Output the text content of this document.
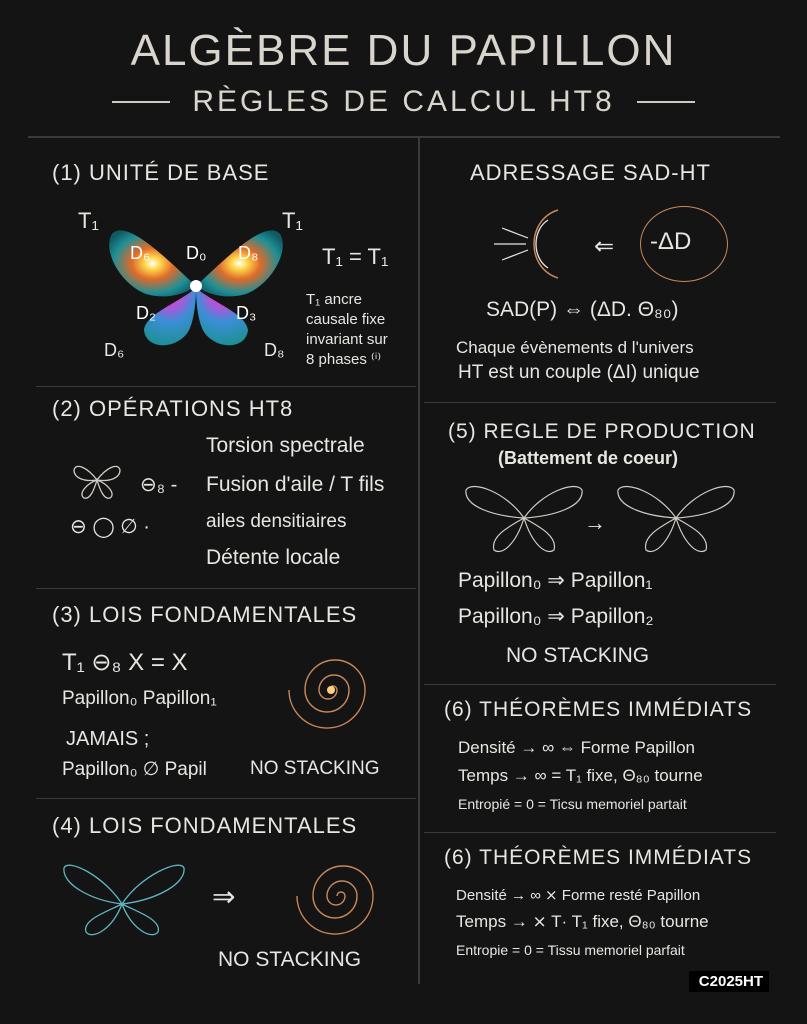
ALGÈBRE DU PAPILLON
RÈGLES DE CALCUL HT8
(1) UNITÉ DE BASE
T₁	T₁
D₆ D₀ D₈
D₂	D₃
D₆	D₈
T₁ = T₁
T₁ ancre
causale fixe
invariant sur
8 phases ⁽ⁱ⁾
(2) OPÉRATIONS HT8
Torsion spectrale
⊖₈ - Fusion d'aile / T fils
⊖ ◯ ∅ ·	ailes densitiaires
Détente locale
(3) LOIS FONDAMENTALES
T₁ ⊖₈ X = X
Papillon₀ Papillon₁
JAMAIS ;
Papillon₀ ∅ Papil NO STACKING
(4) LOIS FONDAMENTALES
⇒
NO STACKING
ADRESSAGE SAD-HT
⇐ -ΔD
SAD(P) ⇔ (ΔD. Θ₈₀)
Chaque évènements d l'univers
HT est un couple (ΔI) unique
(5) REGLE DE PRODUCTION
(Battement de coeur)
→
Papillon₀ ⇒ Papillon₁
Papillon₀ ⇒ Papillon₂
NO STACKING
(6) THÉORÈMES IMMÉDIATS
Densité → ∞ ⇔ Forme Papillon
Temps → ∞ = T₁ fixe, Θ₈₀ tourne
Entropié = 0 = Ticsu memoriel partait
(6) THÉORÈMES IMMÉDIATS
Densité → ∞ ⨯ Forme resté Papillon
Temps → ⨯ T· T₁ fixe, Θ₈₀ tourne
Entropie = 0 = Tissu memoriel parfait
C2025HT
